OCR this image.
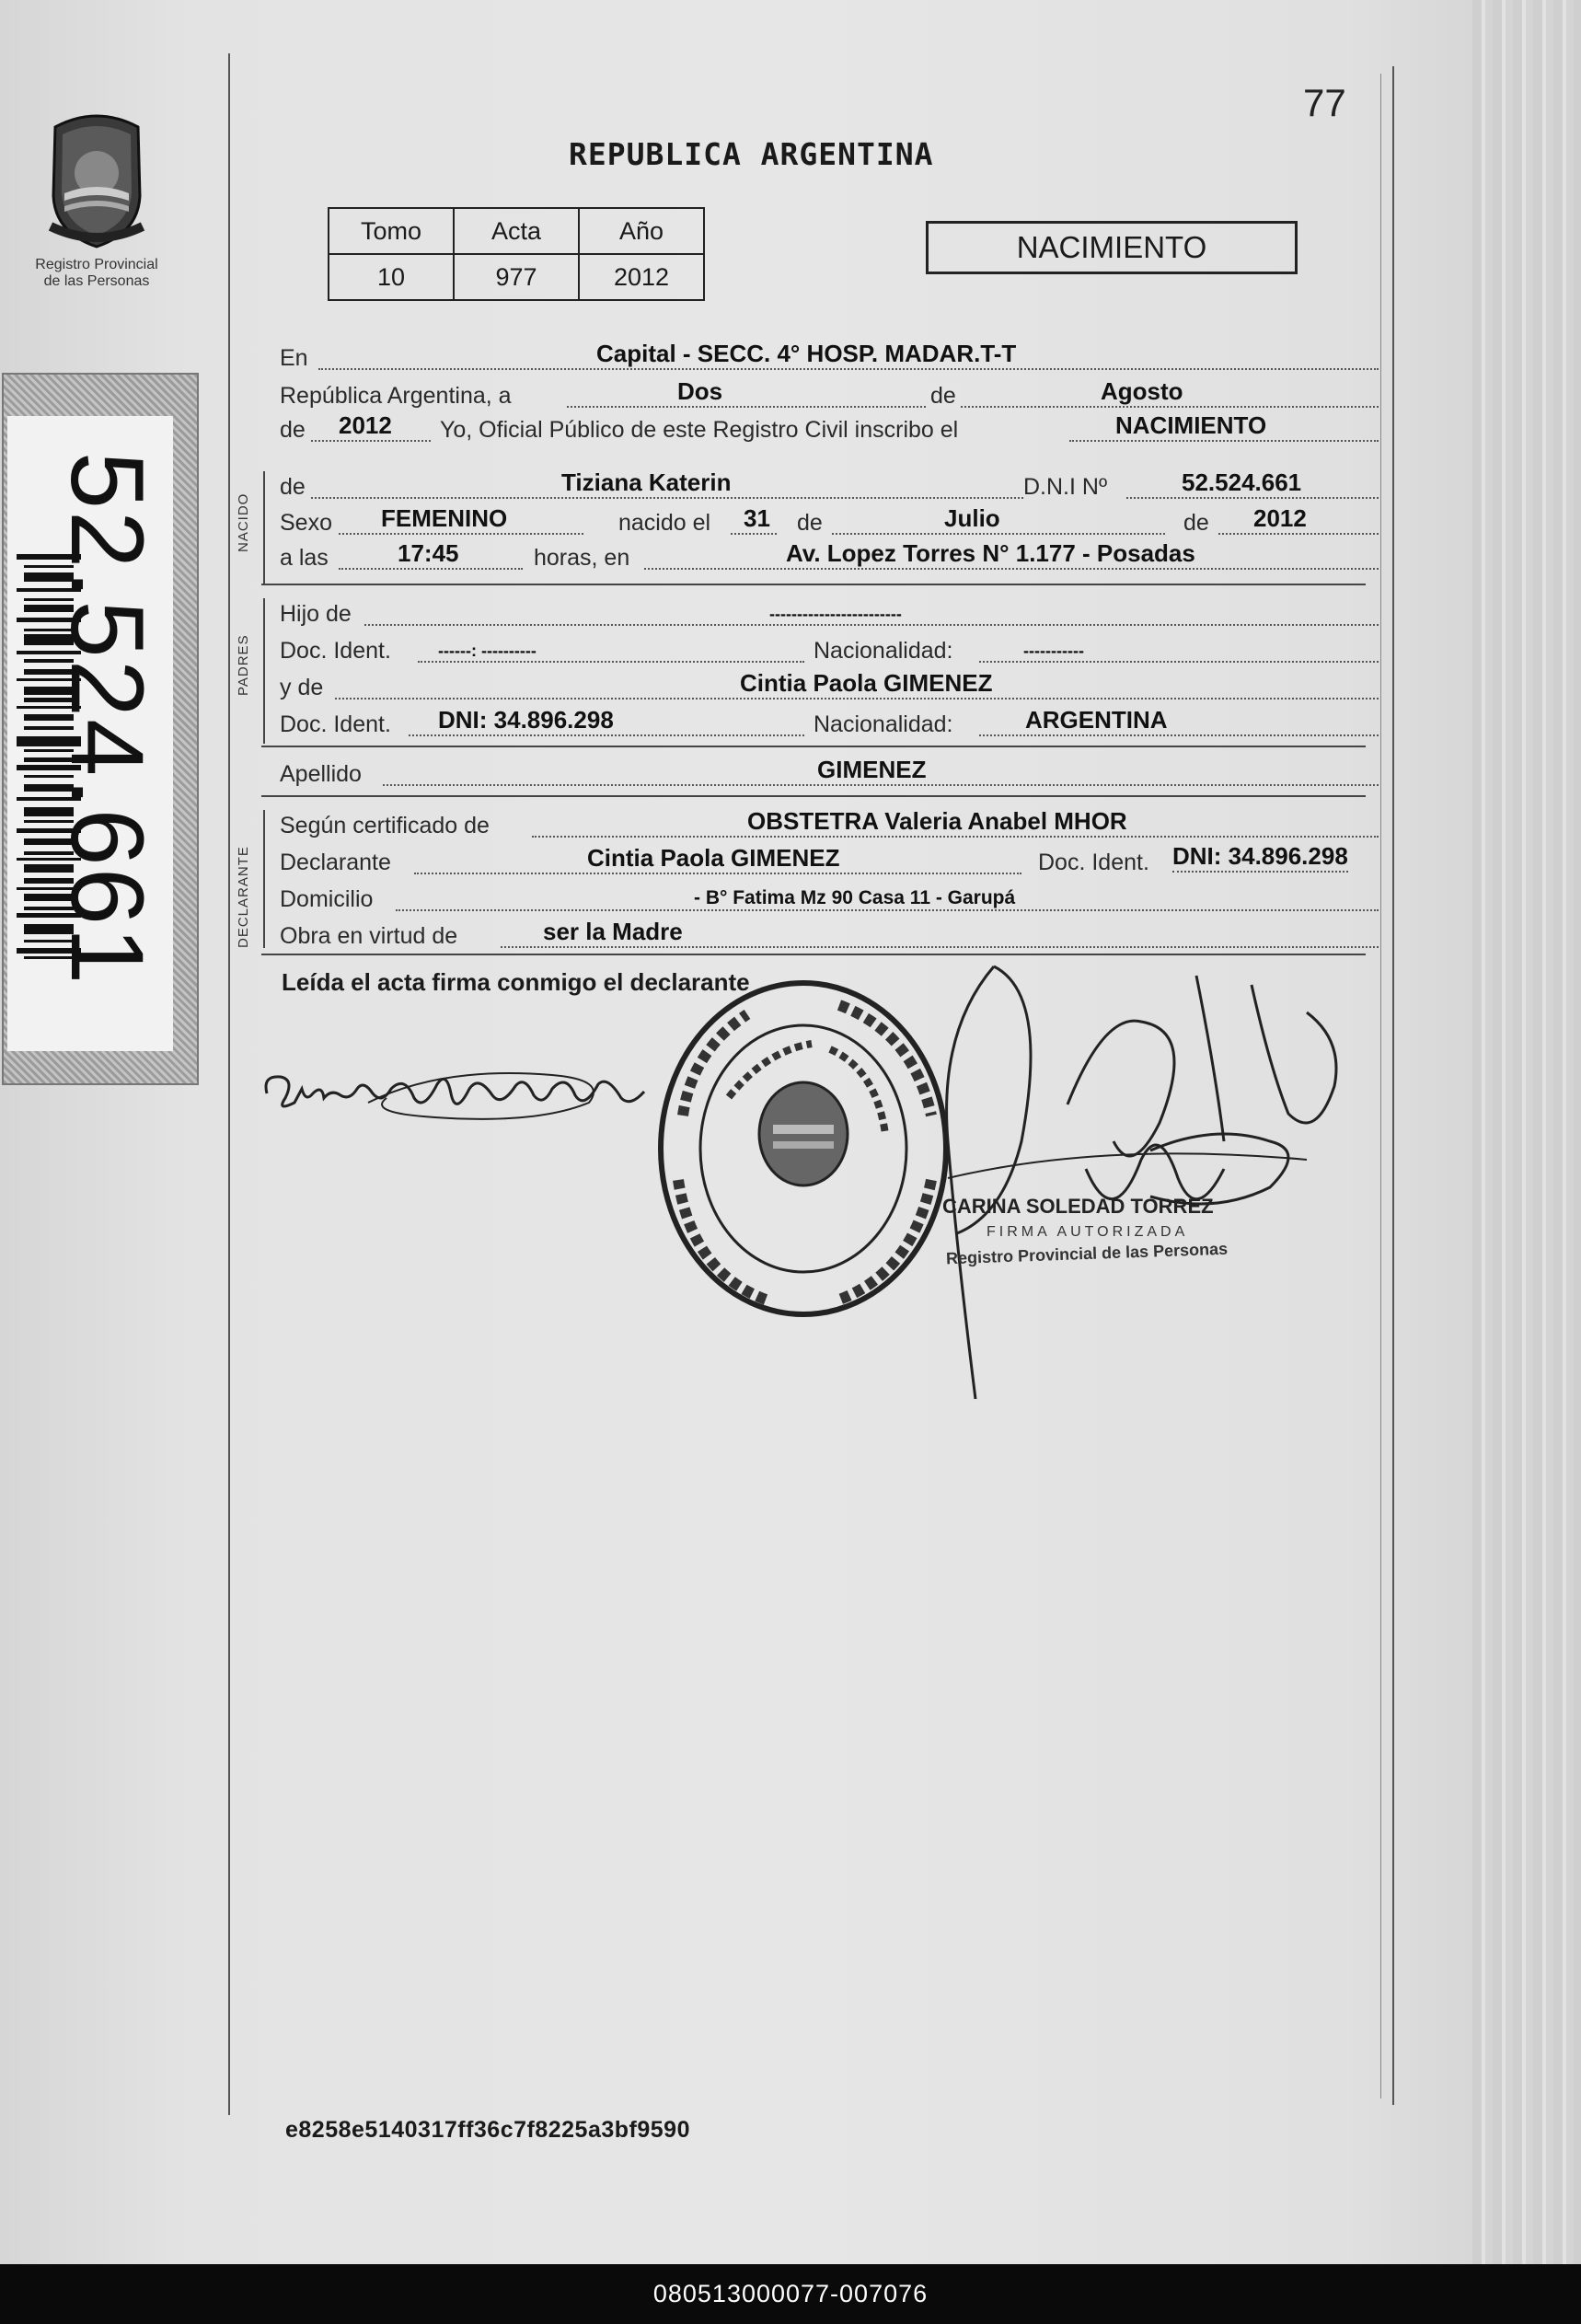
Registro Provincial
de las Personas
52.524.661
77
REPUBLICA ARGENTINA
Tomo	Acta	Año
10	977	2012
NACIMIENTO
En	Capital - SECC. 4° HOSP. MADAR.T-T
República Argentina, a	Dos	de	Agosto
de 2012 Yo, Oficial Público de este Registro Civil inscribo el	NACIMIENTO
NACIDO
de	Tiziana Katerin	D.N.I Nº	52.524.661
Sexo FEMENINO	nacido el 31 de	Julio	de 2012
a las	17:45	horas, en	Av. Lopez Torres N° 1.177 - Posadas
PADRES
Hijo de	------------------------
Doc. Ident.	------: ----------	Nacionalidad:	-----------
y de	Cintia Paola GIMENEZ
Doc. Ident. DNI: 34.896.298	Nacionalidad:	ARGENTINA
Apellido	GIMENEZ
DECLARANTE
Según certificado de	OBSTETRA Valeria Anabel MHOR
Declarante	Cintia Paola GIMENEZ	Doc. Ident. DNI: 34.896.298
Domicilio	- B° Fatima Mz 90 Casa 11 - Garupá
Obra en virtud de	ser la Madre
Leída el acta firma conmigo el declarante
CARINA SOLEDAD TORREZ
FIRMA AUTORIZADA
Registro Provincial de las Personas
e8258e5140317ff36c7f8225a3bf9590
080513000077-007076
